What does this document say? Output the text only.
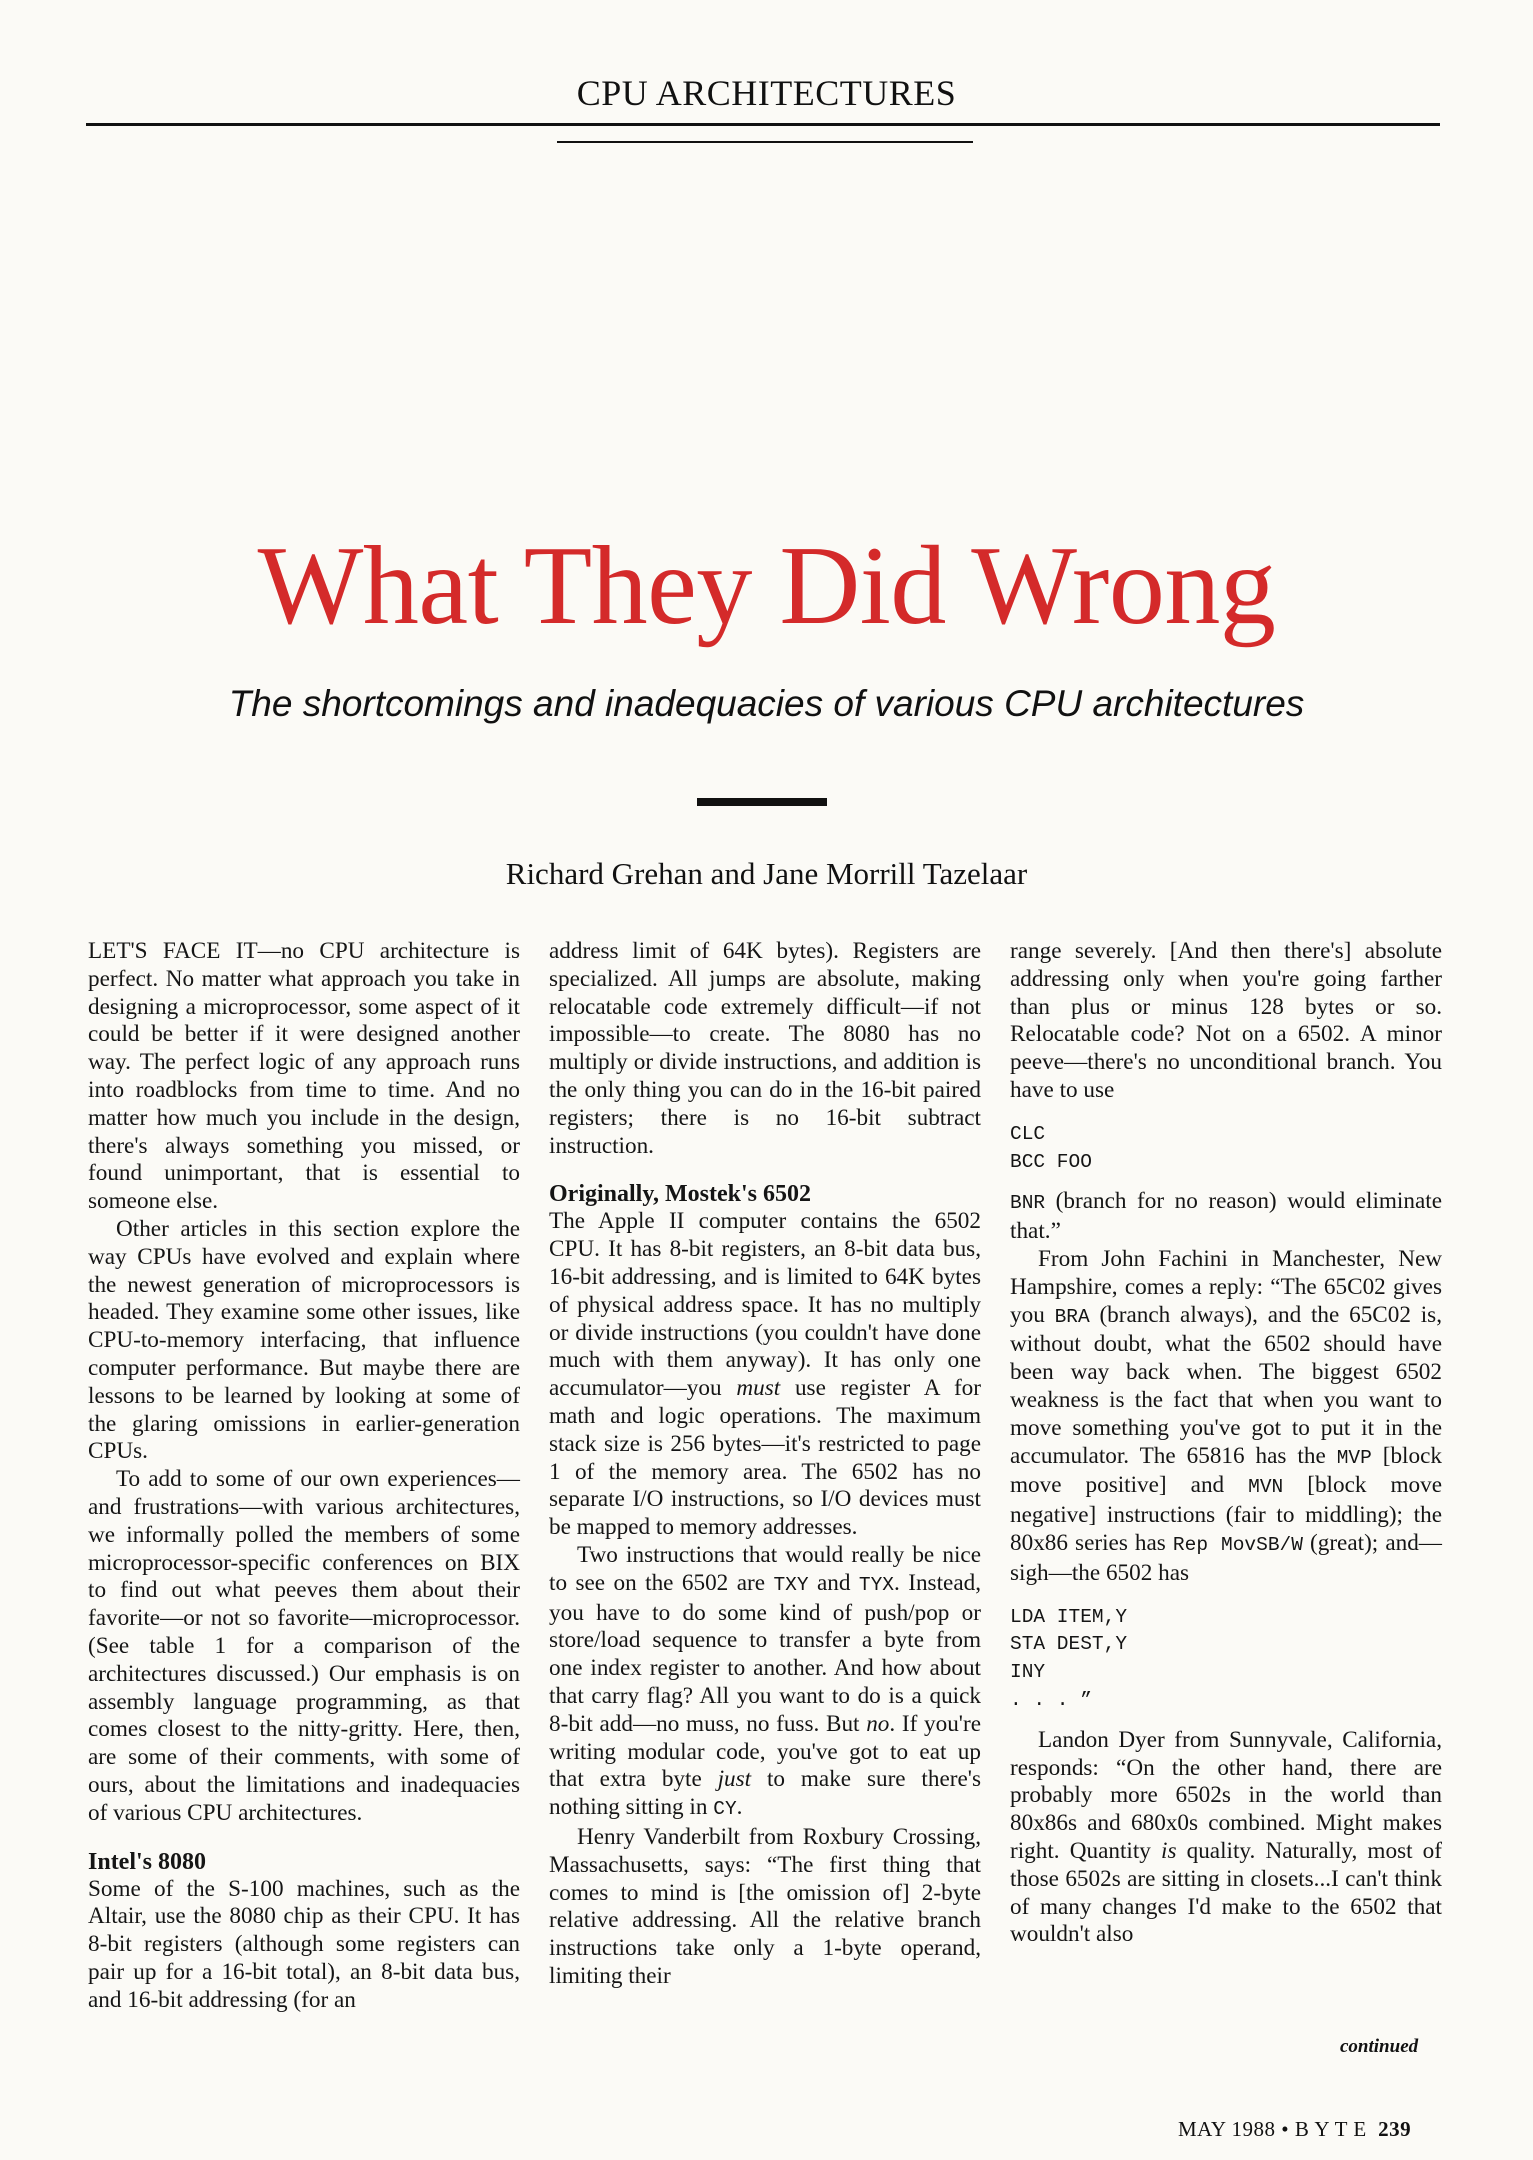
CPU ARCHITECTURES
What They Did Wrong
The shortcomings and inadequacies of various CPU architectures
Richard Grehan and Jane Morrill Tazelaar

LET'S FACE IT—no CPU architecture is perfect. No matter what approach you take in designing a microprocessor, some aspect of it could be better if it were designed another way. The perfect logic of any approach runs into roadblocks from time to time. And no matter how much you include in the design, there's always something you missed, or found unimportant, that is essential to someone else.

Other articles in this section explore the way CPUs have evolved and explain where the newest generation of microprocessors is headed. They examine some other issues, like CPU-to-memory interfacing, that influence computer performance. But maybe there are lessons to be learned by looking at some of the glaring omissions in earlier-generation CPUs.

To add to some of our own experiences—and frustrations—with various architectures, we informally polled the members of some microprocessor-specific conferences on BIX to find out what peeves them about their favorite—or not so favorite—microprocessor. (See table 1 for a comparison of the architectures discussed.) Our emphasis is on assembly language programming, as that comes closest to the nitty-gritty. Here, then, are some of their comments, with some of ours, about the limitations and inadequacies of various CPU architectures.

Intel's 8080

Some of the S-100 machines, such as the Altair, use the 8080 chip as their CPU. It has 8-bit registers (although some registers can pair up for a 16-bit total), an 8-bit data bus, and 16-bit addressing (for an

address limit of 64K bytes). Registers are specialized. All jumps are absolute, making relocatable code extremely difficult—if not impossible—to create. The 8080 has no multiply or divide instructions, and addition is the only thing you can do in the 16-bit paired registers; there is no 16-bit subtract instruction.

Originally, Mostek's 6502

The Apple II computer contains the 6502 CPU. It has 8-bit registers, an 8-bit data bus, 16-bit addressing, and is limited to 64K bytes of physical address space. It has no multiply or divide instructions (you couldn't have done much with them anyway). It has only one accumulator—you must use register A for math and logic operations. The maximum stack size is 256 bytes—it's restricted to page 1 of the memory area. The 6502 has no separate I/O instructions, so I/O devices must be mapped to memory addresses.

Two instructions that would really be nice to see on the 6502 are TXY and TYX. Instead, you have to do some kind of push/pop or store/load sequence to transfer a byte from one index register to another. And how about that carry flag? All you want to do is a quick 8-bit add—no muss, no fuss. But no. If you're writing modular code, you've got to eat up that extra byte just to make sure there's nothing sitting in CY.

Henry Vanderbilt from Roxbury Crossing, Massachusetts, says: “The first thing that comes to mind is [the omission of] 2-byte relative addressing. All the relative branch instructions take only a 1-byte operand, limiting their

range severely. [And then there's] absolute addressing only when you're going farther than plus or minus 128 bytes or so. Relocatable code? Not on a 6502. A minor peeve—there's no unconditional branch. You have to use

CLC
BCC FOO

BNR (branch for no reason) would eliminate that.”

From John Fachini in Manchester, New Hampshire, comes a reply: “The 65C02 gives you BRA (branch always), and the 65C02 is, without doubt, what the 6502 should have been way back when. The biggest 6502 weakness is the fact that when you want to move something you've got to put it in the accumulator. The 65816 has the MVP [block move positive] and MVN [block move negative] instructions (fair to middling); the 80x86 series has Rep MovSB/W (great); and—sigh—the 6502 has

LDA ITEM,Y
STA DEST,Y
INY
. . . ”

Landon Dyer from Sunnyvale, California, responds: “On the other hand, there are probably more 6502s in the world than 80x86s and 680x0s combined. Might makes right. Quantity is quality. Naturally, most of those 6502s are sitting in closets...I can't think of many changes I'd make to the 6502 that wouldn't also

continued
MAY 1988 • B Y T E 239
